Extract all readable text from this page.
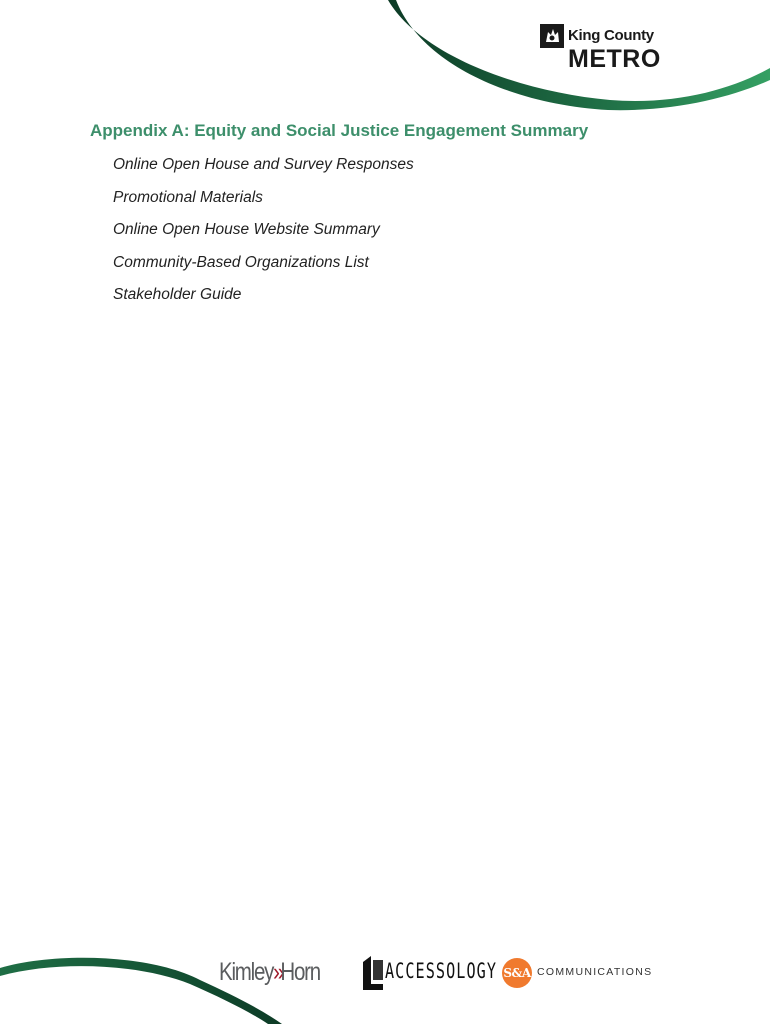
King County
METRO
Appendix A: Equity and Social Justice Engagement Summary
Online Open House and Survey Responses
Promotional Materials
Online Open House Website Summary
Community-Based Organizations List
Stakeholder Guide
Kimley»Horn	ACCESSOLOGY S&A COMMUNICATIONS
